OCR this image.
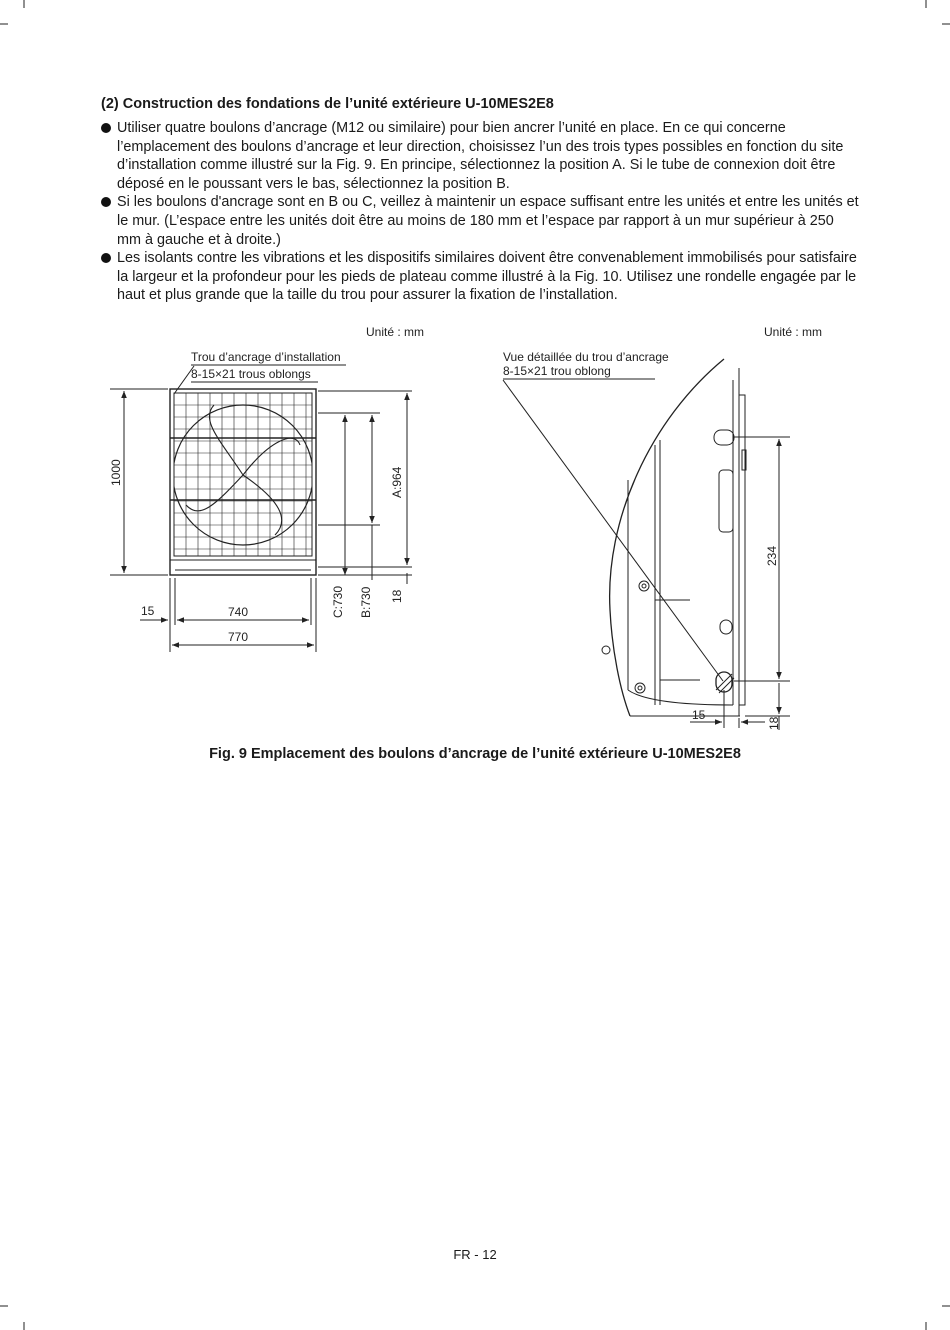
(2) Construction des fondations de l’unité extérieure U-10MES2E8
Utiliser quatre boulons d’ancrage (M12 ou similaire) pour bien ancrer l’unité en place. En ce qui concerne l’emplacement des boulons d’ancrage et leur direction, choisissez l’un des trois types possibles en fonction du site d’installation comme illustré sur la Fig. 9. En principe, sélectionnez la position A. Si le tube de connexion doit être déposé en le poussant vers le bas, sélectionnez la position B.
Si les boulons d'ancrage sont en B ou C, veillez à maintenir un espace suffisant entre les unités et entre les unités et le mur. (L’espace entre les unités doit être au moins de 180 mm et l’espace par rapport à un mur supérieur à 250 mm à gauche et à droite.)
Les isolants contre les vibrations et les dispositifs similaires doivent être convenablement immobilisés pour satisfaire la largeur et la profondeur pour les pieds de plateau comme illustré à la Fig. 10. Utilisez une rondelle engagée par le haut et plus grande que la taille du trou pour assurer la fixation de l’installation.
Unité : mm
Trou d’ancrage d’installation
8-15×21 trous oblongs
1000	A:964
18
B:730
C:730
15	740
770
Unité : mm
Vue détaillée du trou d’ancrage
8-15×21 trou oblong
234
18
15

Fig. 9 Emplacement des boulons d’ancrage de l’unité extérieure U-10MES2E8

FR - 12
